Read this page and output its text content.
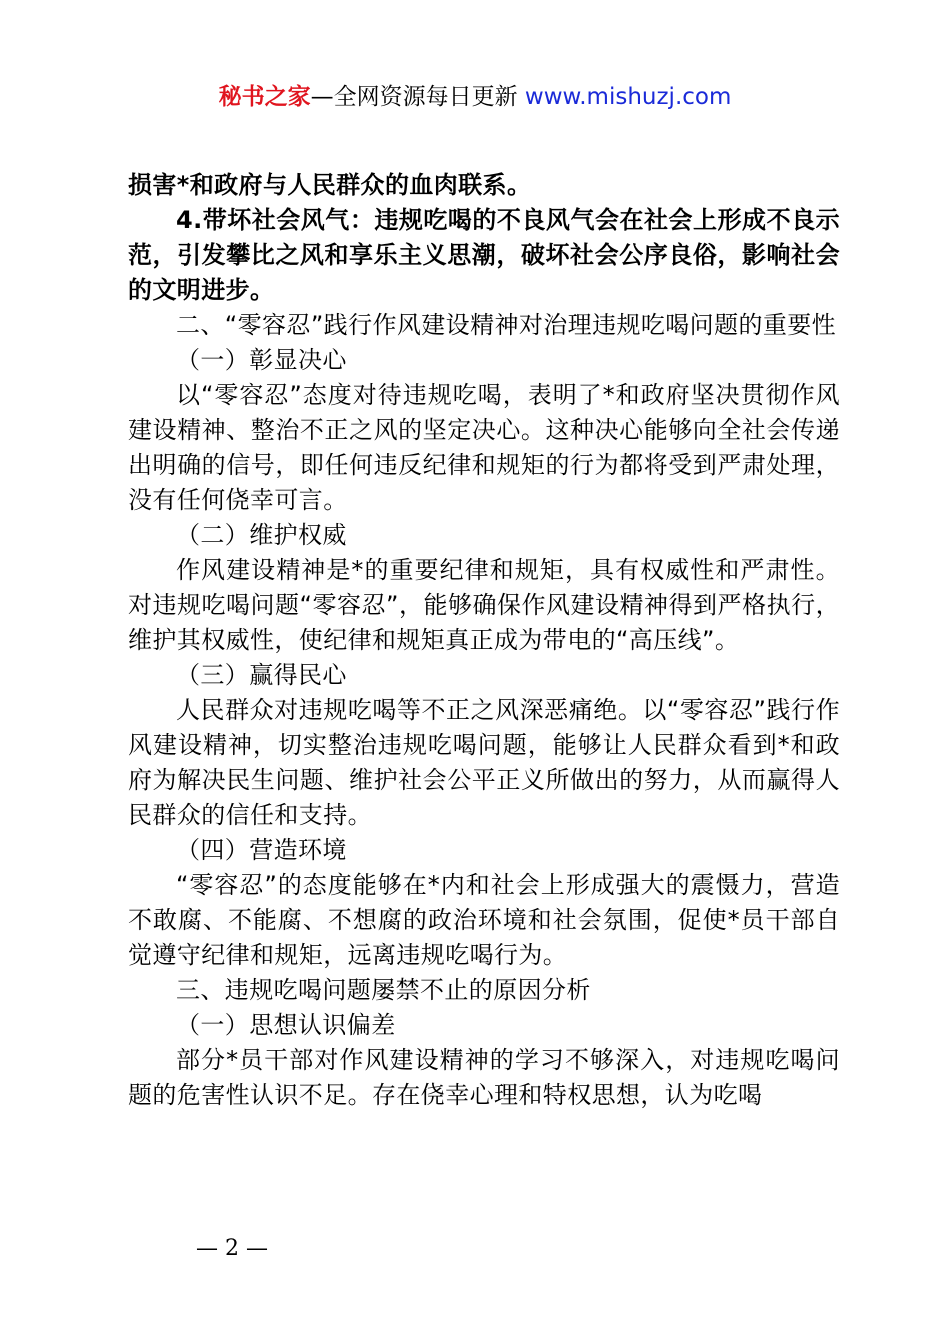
秘书之家—全网资源每日更新 www.mishuzj.com

损害*和政府与人民群众的血肉联系。

4.带坏社会风气：违规吃喝的不良风气会在社会上形成不良示范，引发攀比之风和享乐主义思潮，破坏社会公序良俗，影响社会的文明进步。

二、“零容忍”践行作风建设精神对治理违规吃喝问题的重要性

（一）彰显决心

以“零容忍”态度对待违规吃喝，表明了*和政府坚决贯彻作风建设精神、整治不正之风的坚定决心。这种决心能够向全社会传递出明确的信号，即任何违反纪律和规矩的行为都将受到严肃处理，没有任何侥幸可言。

（二）维护权威

作风建设精神是*的重要纪律和规矩，具有权威性和严肃性。对违规吃喝问题“零容忍”，能够确保作风建设精神得到严格执行，维护其权威性，使纪律和规矩真正成为带电的“高压线”。

（三）赢得民心

人民群众对违规吃喝等不正之风深恶痛绝。以“零容忍”践行作风建设精神，切实整治违规吃喝问题，能够让人民群众看到*和政府为解决民生问题、维护社会公平正义所做出的努力，从而赢得人民群众的信任和支持。

（四）营造环境

“零容忍”的态度能够在*内和社会上形成强大的震慑力，营造不敢腐、不能腐、不想腐的政治环境和社会氛围，促使*员干部自觉遵守纪律和规矩，远离违规吃喝行为。

三、违规吃喝问题屡禁不止的原因分析

（一）思想认识偏差

部分*员干部对作风建设精神的学习不够深入，对违规吃喝问题的危害性认识不足。存在侥幸心理和特权思想，认为吃喝

— 2 —
